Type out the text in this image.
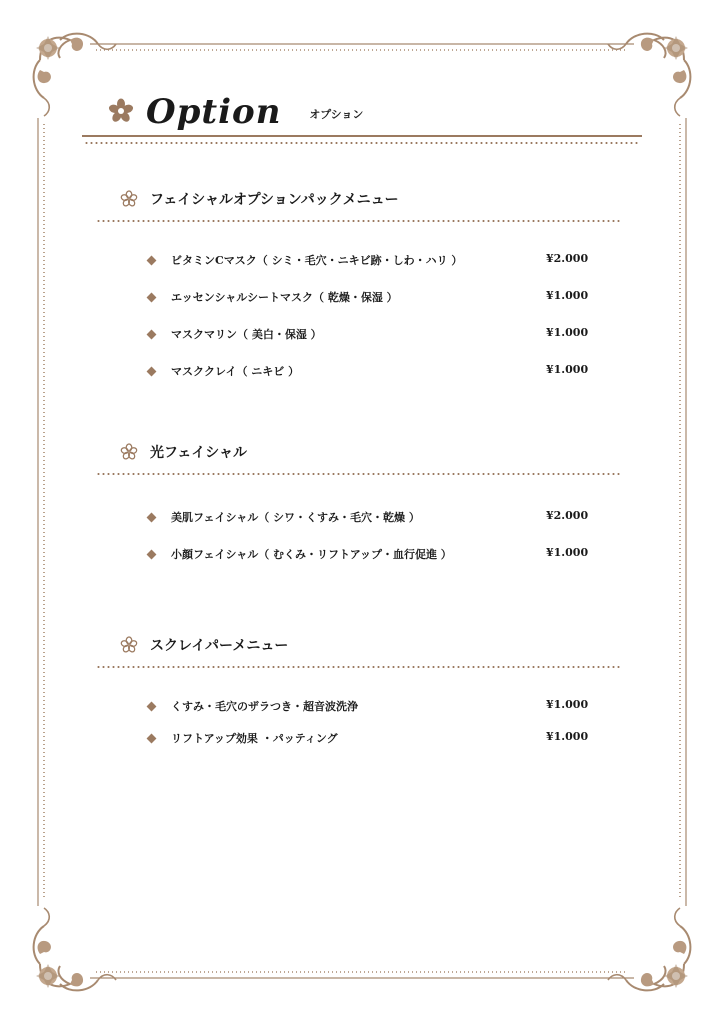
Option	オプション
フェイシャルオプションパックメニュー
ビタミンCマスク（ シミ・毛穴・ニキビ跡・しわ・ハリ ）	¥2.000
エッセンシャルシートマスク（ 乾燥・保湿 ）	¥1.000
マスクマリン（ 美白・保湿 ）	¥1.000
マスククレイ（ ニキビ ）	¥1.000
光フェイシャル
美肌フェイシャル（ シワ・くすみ・毛穴・乾燥 ）	¥2.000
小顔フェイシャル（ むくみ・リフトアップ・血行促進 ）	¥1.000
スクレイパーメニュー
くすみ・毛穴のザラつき・超音波洗浄	¥1.000
リフトアップ効果 ・パッティング	¥1.000
